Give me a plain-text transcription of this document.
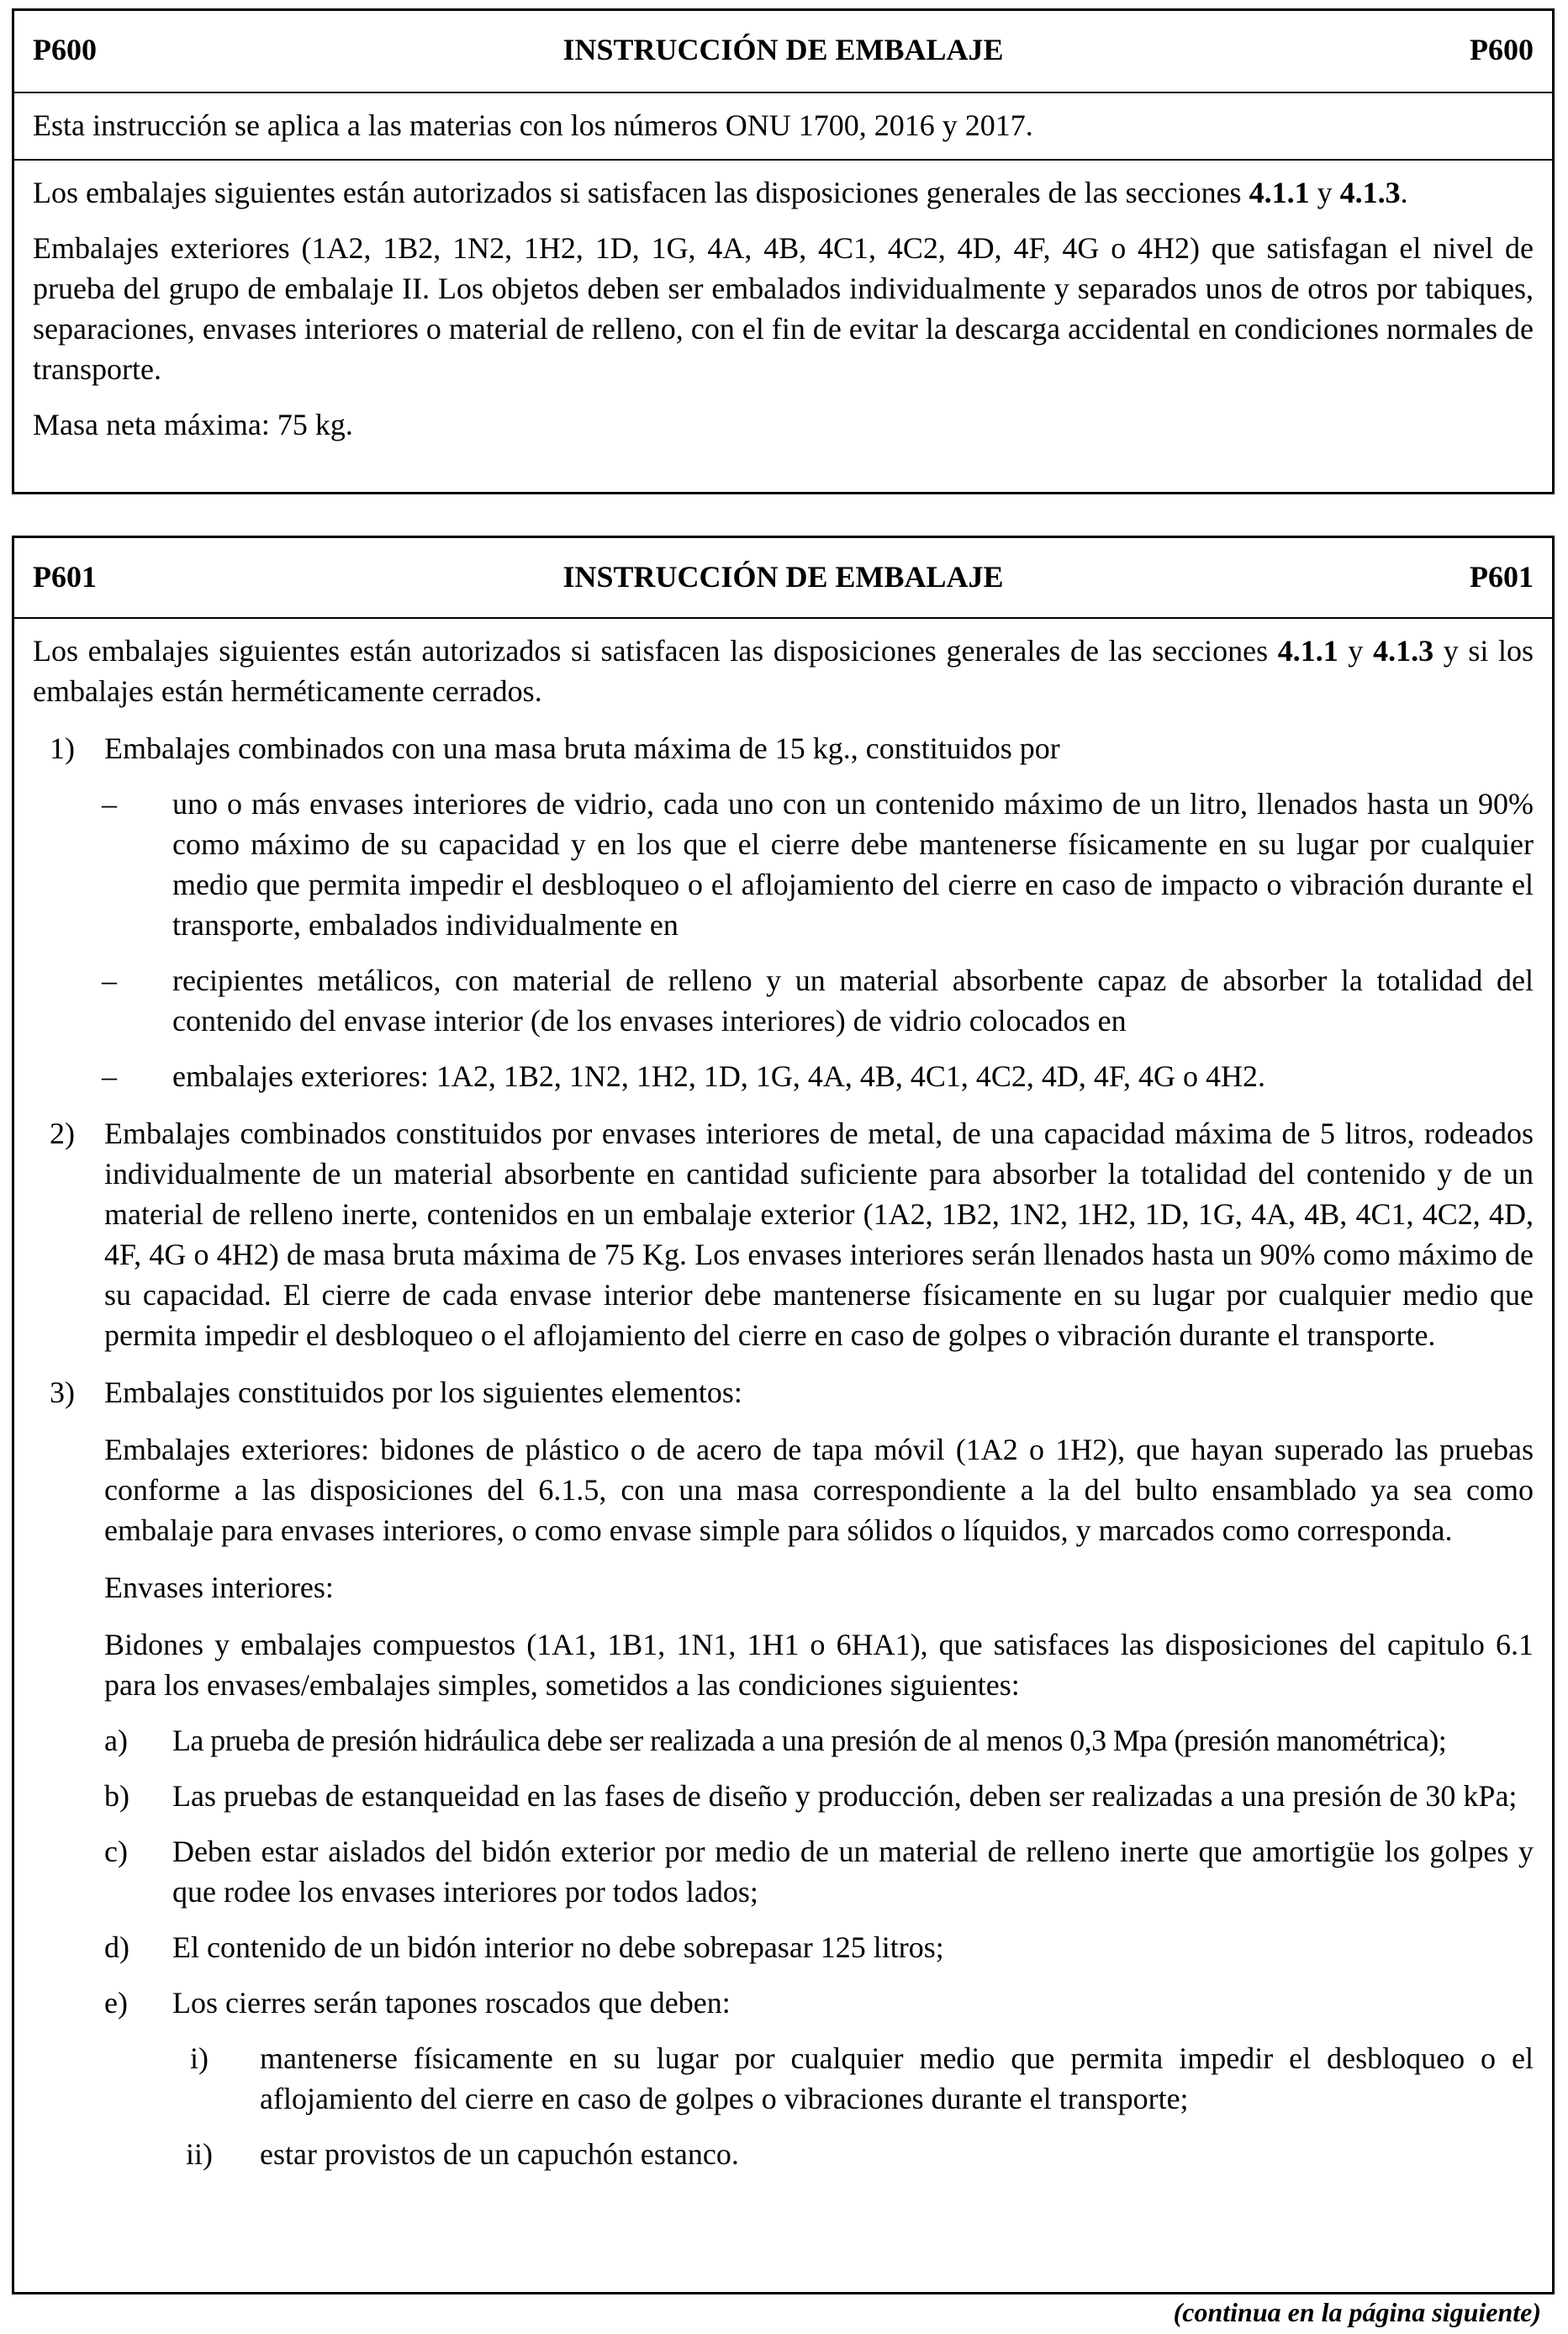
P600	INSTRUCCIÓN DE EMBALAJE	P600

Esta instrucción se aplica a las materias con los números ONU 1700, 2016 y 2017.

Los embalajes siguientes están autorizados si satisfacen las disposiciones generales de las secciones 4.1.1 y 4.1.3.

Embalajes exteriores (1A2, 1B2, 1N2, 1H2, 1D, 1G, 4A, 4B, 4C1, 4C2, 4D, 4F, 4G o 4H2) que satisfagan el nivel de prueba del grupo de embalaje II. Los objetos deben ser embalados individualmente y separados unos de otros por tabiques, separaciones, envases interiores o material de relleno, con el fin de evitar la descarga accidental en condiciones normales de transporte.

Masa neta máxima: 75 kg.

P601	INSTRUCCIÓN DE EMBALAJE	P601

Los embalajes siguientes están autorizados si satisfacen las disposiciones generales de las secciones 4.1.1 y 4.1.3 y si los embalajes están herméticamente cerrados.

1) Embalajes combinados con una masa bruta máxima de 15 kg., constituidos por

– uno o más envases interiores de vidrio, cada uno con un contenido máximo de un litro, llenados hasta un 90% como máximo de su capacidad y en los que el cierre debe mantenerse físicamente en su lugar por cualquier medio que permita impedir el desbloqueo o el aflojamiento del cierre en caso de impacto o vibración durante el transporte, embalados individualmente en

– recipientes metálicos, con material de relleno y un material absorbente capaz de absorber la totalidad del contenido del envase interior (de los envases interiores) de vidrio colocados en

– embalajes exteriores: 1A2, 1B2, 1N2, 1H2, 1D, 1G, 4A, 4B, 4C1, 4C2, 4D, 4F, 4G o 4H2.

2) Embalajes combinados constituidos por envases interiores de metal, de una capacidad máxima de 5 litros, rodeados individualmente de un material absorbente en cantidad suficiente para absorber la totalidad del contenido y de un material de relleno inerte, contenidos en un embalaje exterior (1A2, 1B2, 1N2, 1H2, 1D, 1G, 4A, 4B, 4C1, 4C2, 4D, 4F, 4G o 4H2) de masa bruta máxima de 75 Kg. Los envases interiores serán llenados hasta un 90% como máximo de su capacidad. El cierre de cada envase interior debe mantenerse físicamente en su lugar por cualquier medio que permita impedir el desbloqueo o el aflojamiento del cierre en caso de golpes o vibración durante el transporte.

3) Embalajes constituidos por los siguientes elementos:

Embalajes exteriores: bidones de plástico o de acero de tapa móvil (1A2 o 1H2), que hayan superado las pruebas conforme a las disposiciones del 6.1.5, con una masa correspondiente a la del bulto ensamblado ya sea como embalaje para envases interiores, o como envase simple para sólidos o líquidos, y marcados como corresponda.

Envases interiores:

Bidones y embalajes compuestos (1A1, 1B1, 1N1, 1H1 o 6HA1), que satisfaces las disposiciones del capitulo 6.1 para los envases/embalajes simples, sometidos a las condiciones siguientes:

a) La prueba de presión hidráulica debe ser realizada a una presión de al menos 0,3 Mpa (presión manométrica);

b) Las pruebas de estanqueidad en las fases de diseño y producción, deben ser realizadas a una presión de 30 kPa;

c) Deben estar aislados del bidón exterior por medio de un material de relleno inerte que amortigüe los golpes y que rodee los envases interiores por todos lados;

d) El contenido de un bidón interior no debe sobrepasar 125 litros;

e) Los cierres serán tapones roscados que deben:

i)	mantenerse físicamente en su lugar por cualquier medio que permita impedir el desbloqueo o el aflojamiento del cierre en caso de golpes o vibraciones durante el transporte;

ii)	estar provistos de un capuchón estanco.

(continua en la página siguiente)
